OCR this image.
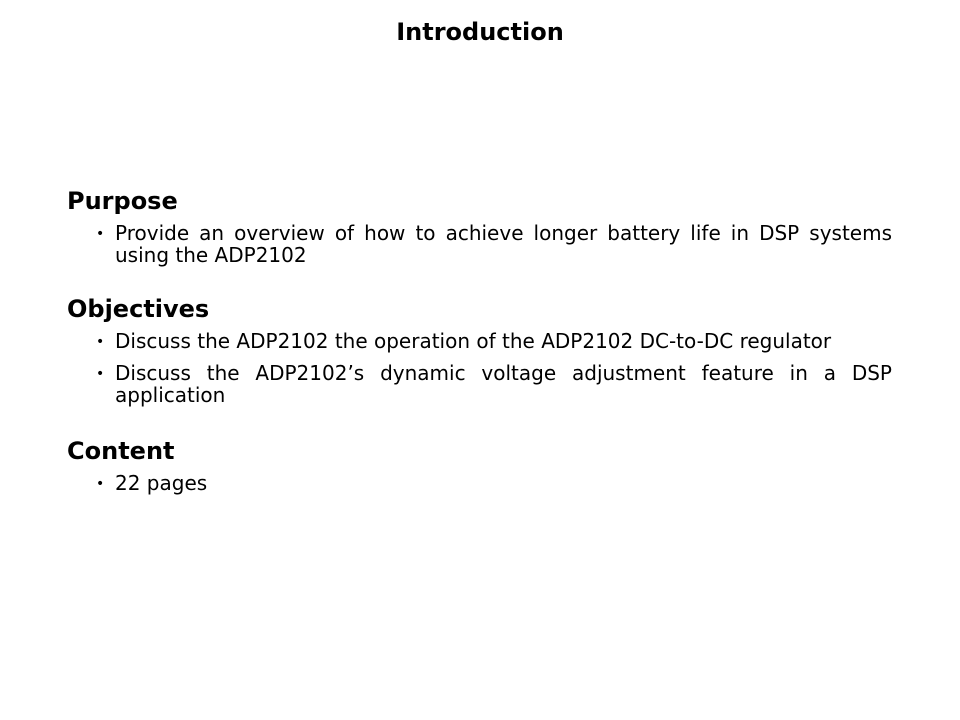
Introduction
Purpose
• Provide an overview of how to achieve longer battery life in DSP systems using the ADP2102
Objectives
• Discuss the ADP2102 the operation of the ADP2102 DC-to-DC regulator
• Discuss the ADP2102’s dynamic voltage adjustment feature in a DSP application
Content
• 22 pages
